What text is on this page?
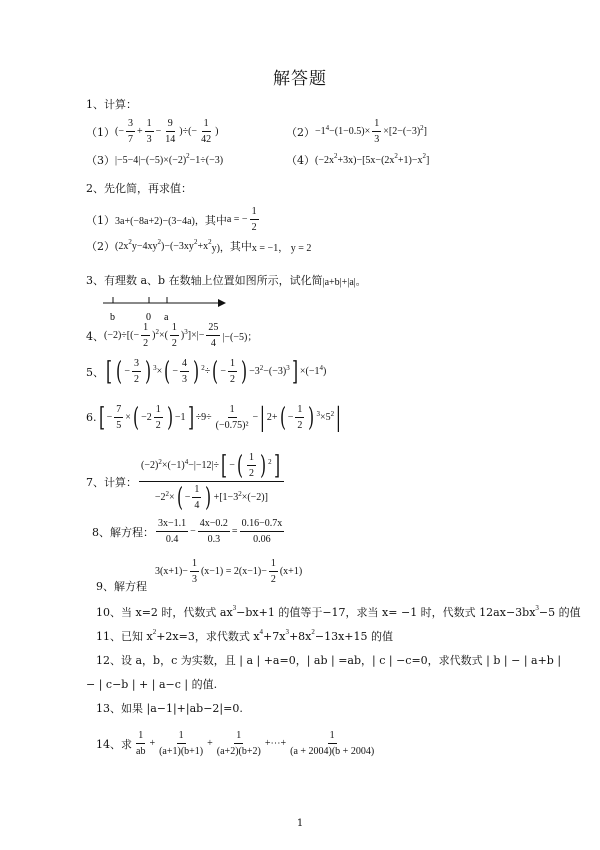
解答题
1、计算：
（1） (− $\frac{3}{7} + \frac{1}{3} - \frac{9}{14}$ )÷(− $\frac{1}{42}$ )	（2） −1 $4 -(1-0.5)\times \frac{1}{3} \times[2-(-3)$ 2 ]
（3） |−5−4|−(−5)×(−2) 2 −1÷(−3)	（4） (−2x 2 +3x)−[5x−(2x 2 +1)−x 2 ]
2、先化简，再求值：
（1） 3a+(−8a+2)−(3−4a)， 其中 a = − $\frac{1}{2}$
（2） (2x 2 y−4xy 2 )−(−3xy 2 +x 2
y)， 其中 x = −1， y = 2
3、有理数 a、b 在数轴上位置如图所示，试化简 |a+b|+|a|。
4、 $(-2)\div[(- \frac{1}{2}$ ) 2 ×( $\frac{1}{2}$ ) 3 ]×|− $\frac{25}{4} |-(-5)$；
5、 [ ( − $\frac{3}{2}$ ) 3 × ( − $\frac{4}{3}$ ) 2 ÷ ( − $\frac{1}{2}$ ) −3 2 −(−3) 3 ] ×(−1 4 )
6. [ − $\frac{7}{5}$ × ( $-2 \frac{1}{2}$ ) −1 ] $\div 9\div \frac{1}{\text{(−0.75)²}}$ − | 2+ ( − $\frac{1}{2}$ ) 3 ×5 2 |
7、计算： $\frac{(-2) 2 \times(-1) 4 -|-12|\div [ - ( \frac{1}{2} ) 2 ]}{-2 2 \times ( - \frac{1}{4} ) +[1-3 2 \times(-2)]}$
8、解方程： $\frac{3x-1.1}{0.4} - \frac{4x-0.2}{0.3} = \frac{0.16-0.7x}{0.06}$
9、解方程
$3(x+1)- \frac{1}{3} (x-1) = 2(x-1)- \frac{1}{2} (x+1)$
10、当 x=2 时，代数式 ax 3 −bx+1 的值等于−17，求当 x= −1 时，代数式 12ax−3bx 3 −5 的值
11、已知 x 2 +2x=3，求代数式 x 4 +7x 3 +8x 2 −13x+15 的值
12、设 a，b，c 为实数，且 | a | +a=0，| ab | =ab，| c | −c=0，求代数式 | b | − | a+b |
− | c−b | + | a−c | 的值.
13、如果 |a−1|+|ab−2|=0.
14、求 $\frac{1}{ab} + \frac{1}{(a+1)(b+1)} + \frac{1}{(a+2)(b+2)}$ +⋯+ $\frac{1}{(a + 2004)(b + 2004)}$
b	0 a
1
